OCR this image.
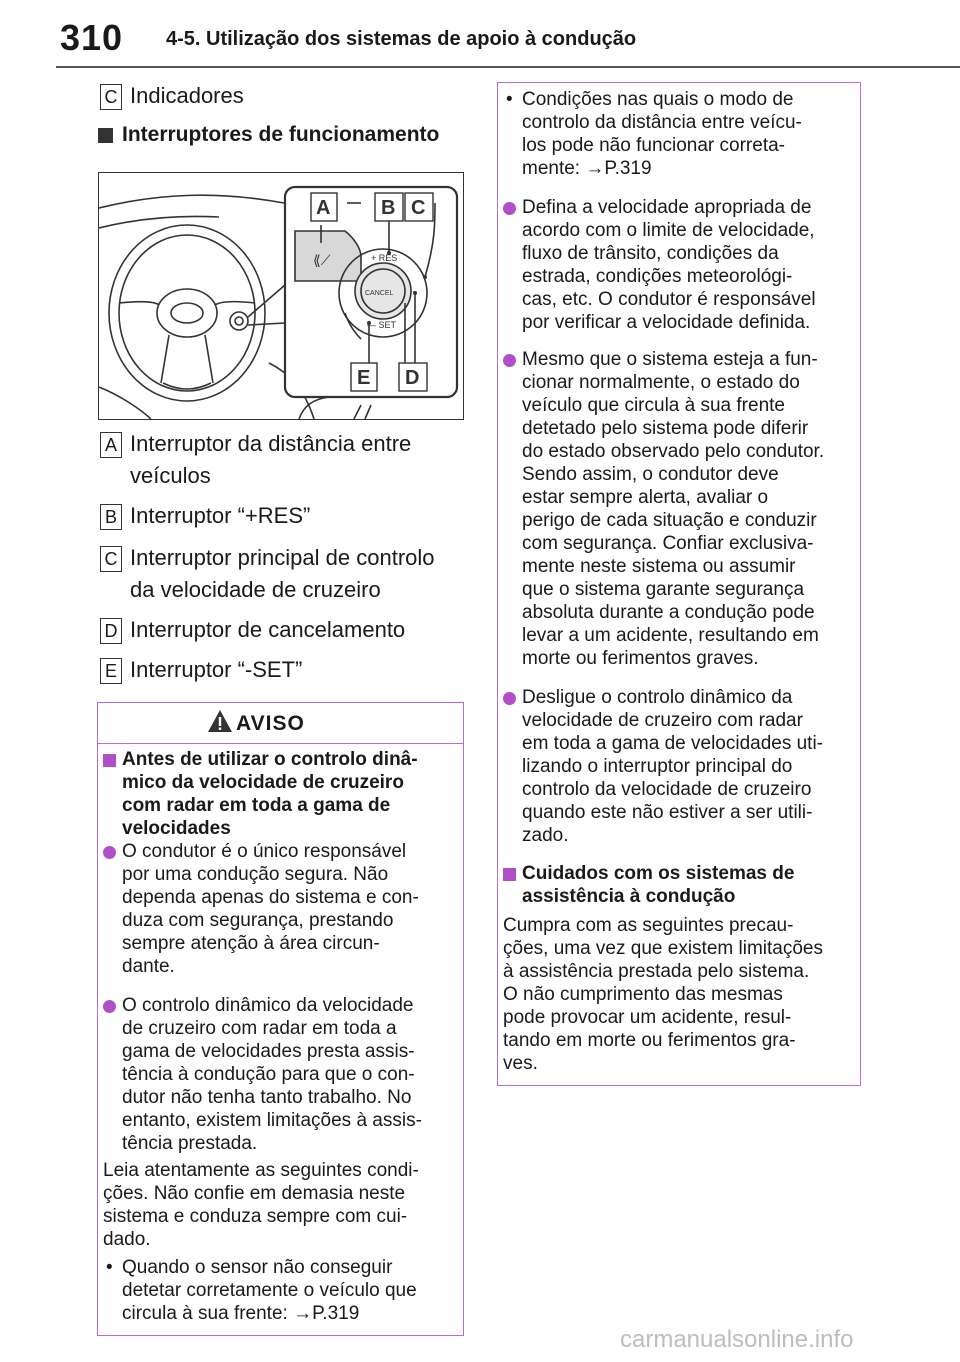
310 4-5. Utilização dos sistemas de apoio à condução
C Indicadores
Interruptores de funcionamento
⟪⟋	+ RES
CANCEL
— SET
A	B C
E D
A Interruptor da distância entre
veículos
B Interruptor “+RES”
C Interruptor principal de controlo
da velocidade de cruzeiro
D Interruptor de cancelamento
E Interruptor “-SET”
AVISO
Antes de utilizar o controlo dinâ-
mico da velocidade de cruzeiro
com radar em toda a gama de
velocidades
O condutor é o único responsável
por uma condução segura. Não
dependa apenas do sistema e con-
duza com segurança, prestando
sempre atenção à área circun-
dante.
O controlo dinâmico da velocidade
de cruzeiro com radar em toda a
gama de velocidades presta assis-
tência à condução para que o con-
dutor não tenha tanto trabalho. No
entanto, existem limitações à assis-
tência prestada.
Leia atentamente as seguintes condi-
ções. Não confie em demasia neste
sistema e conduza sempre com cui-
dado.
• Quando o sensor não conseguir
detetar corretamente o veículo que
circula à sua frente: →P.319
• Condições nas quais o modo de
controlo da distância entre veícu-
los pode não funcionar correta-
mente: →P.319
Defina a velocidade apropriada de
acordo com o limite de velocidade,
fluxo de trânsito, condições da
estrada, condições meteorológi-
cas, etc. O condutor é responsável
por verificar a velocidade definida.
Mesmo que o sistema esteja a fun-
cionar normalmente, o estado do
veículo que circula à sua frente
detetado pelo sistema pode diferir
do estado observado pelo condutor.
Sendo assim, o condutor deve
estar sempre alerta, avaliar o
perigo de cada situação e conduzir
com segurança. Confiar exclusiva-
mente neste sistema ou assumir
que o sistema garante segurança
absoluta durante a condução pode
levar a um acidente, resultando em
morte ou ferimentos graves.
Desligue o controlo dinâmico da
velocidade de cruzeiro com radar
em toda a gama de velocidades uti-
lizando o interruptor principal do
controlo da velocidade de cruzeiro
quando este não estiver a ser utili-
zado.
Cuidados com os sistemas de
assistência à condução
Cumpra com as seguintes precau-
ções, uma vez que existem limitações
à assistência prestada pelo sistema.
O não cumprimento das mesmas
pode provocar um acidente, resul-
tando em morte ou ferimentos gra-
ves.
carmanualsonline.info
